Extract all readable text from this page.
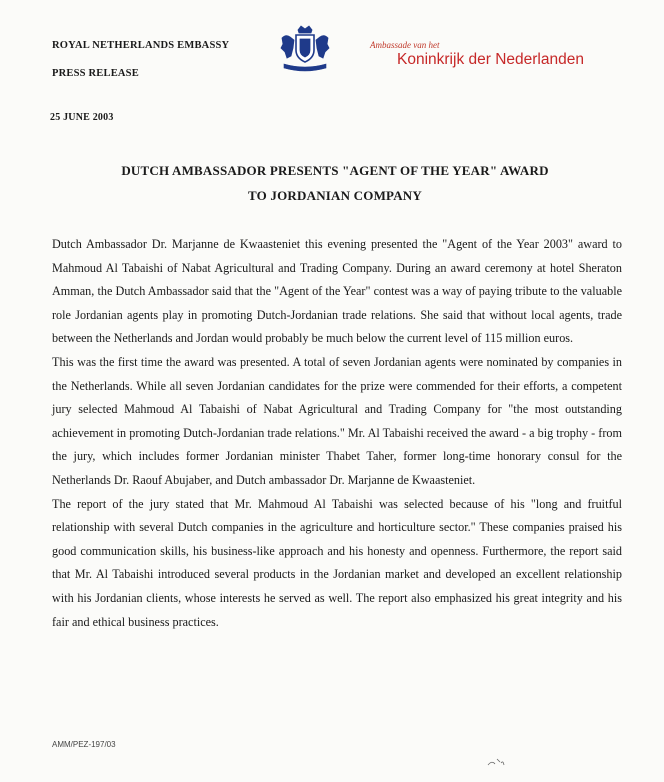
ROYAL NETHERLANDS EMBASSY
PRESS RELEASE
25 JUNE 2003
Ambassade van het
Koninkrijk der Nederlanden
DUTCH AMBASSADOR PRESENTS "AGENT OF THE YEAR" AWARD
TO JORDANIAN COMPANY

Dutch Ambassador Dr. Marjanne de Kwaasteniet this evening presented the "Agent of the Year 2003" award to Mahmoud Al Tabaishi of Nabat Agricultural and Trading Company. During an award ceremony at hotel Sheraton Amman, the Dutch Ambassador said that the "Agent of the Year" contest was a way of paying tribute to the valuable role Jordanian agents play in promoting Dutch-Jordanian trade relations. She said that without local agents, trade between the Netherlands and Jordan would probably be much below the current level of 115 million euros.

This was the first time the award was presented. A total of seven Jordanian agents were nominated by companies in the Netherlands. While all seven Jordanian candidates for the prize were commended for their efforts, a competent jury selected Mahmoud Al Tabaishi of Nabat Agricultural and Trading Company for "the most outstanding achievement in promoting Dutch-Jordanian trade relations." Mr. Al Tabaishi received the award - a big trophy - from the jury, which includes former Jordanian minister Thabet Taher, former long-time honorary consul for the Netherlands Dr. Raouf Abujaber, and Dutch ambassador Dr. Marjanne de Kwaasteniet.

The report of the jury stated that Mr. Mahmoud Al Tabaishi was selected because of his "long and fruitful relationship with several Dutch companies in the agriculture and horticulture sector." These companies praised his good communication skills, his business-like approach and his honesty and openness. Furthermore, the report said that Mr. Al Tabaishi introduced several products in the Jordanian market and developed an excellent relationship with his Jordanian clients, whose interests he served as well. The report also emphasized his great integrity and his fair and ethical business practices.

AMM/PEZ-197/03
